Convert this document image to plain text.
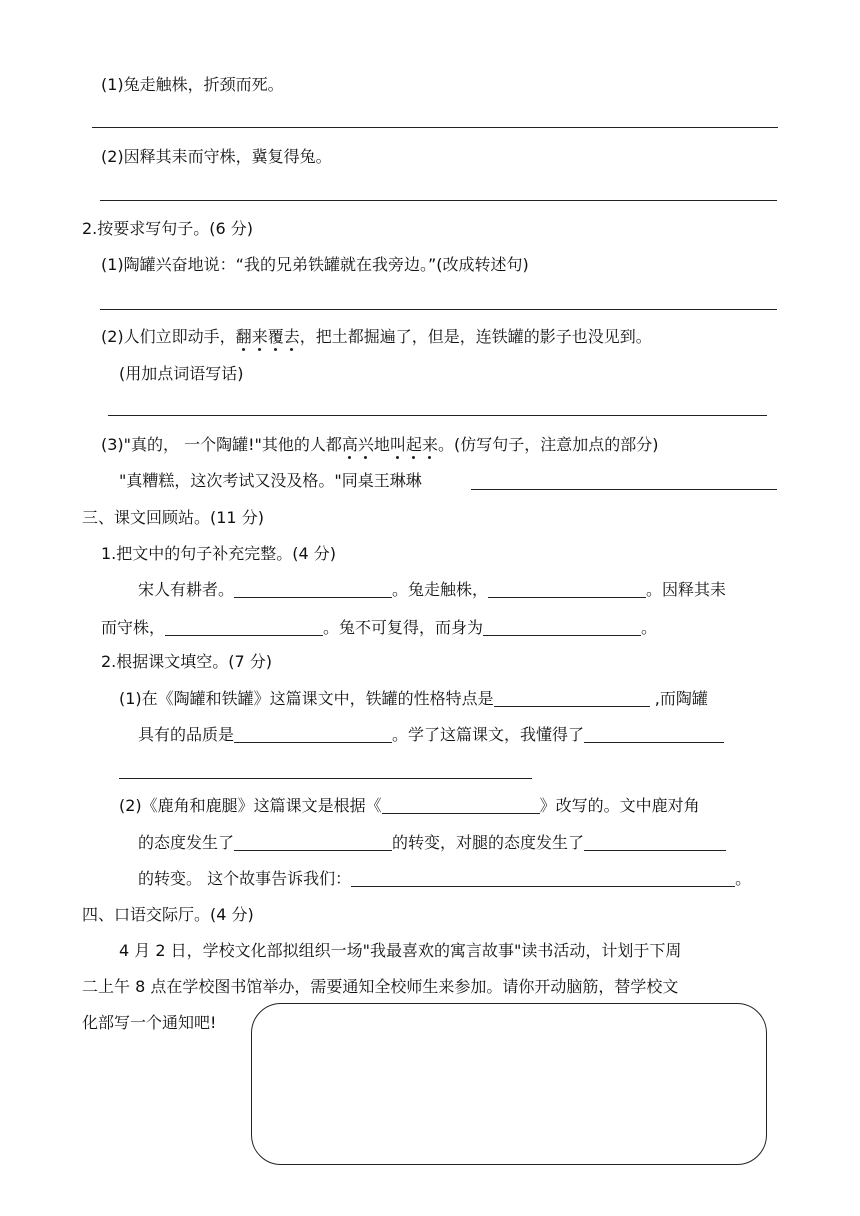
(1)兔走触株，折颈而死。
(2)因释其耒而守株，冀复得兔。
2.按要求写句子。(6 分)
(1)陶罐兴奋地说：“我的兄弟铁罐就在我旁边。”(改成转述句)
(2)人们立即动手，翻来覆去，把土都掘遍了，但是，连铁罐的影子也没见到。
(用加点词语写话)
(3)"真的， 一个陶罐!"其他的人都高兴地叫起来。(仿写句子，注意加点的部分)
"真糟糕，这次考试又没及格。"同桌王琳琳
三、课文回顾站。(11 分)
1.把文中的句子补充完整。(4 分)
宋人有耕者。	。兔走触株，	。因释其耒
而守株，	。兔不可复得，而身为	。
2.根据课文填空。(7 分)
(1)在《陶罐和铁罐》这篇课文中，铁罐的性格特点是	,而陶罐
具有的品质是	。学了这篇课文，我懂得了
(2)《鹿角和鹿腿》这篇课文是根据《	》改写的。文中鹿对角
的态度发生了	的转变，对腿的态度发生了
的转变。 这个故事告诉我们：	。
四、口语交际厅。(4 分)
4 月 2 日，学校文化部拟组织一场"我最喜欢的寓言故事"读书活动，计划于下周
二上午 8 点在学校图书馆举办，需要通知全校师生来参加。请你开动脑筋，替学校文
化部写一个通知吧!
